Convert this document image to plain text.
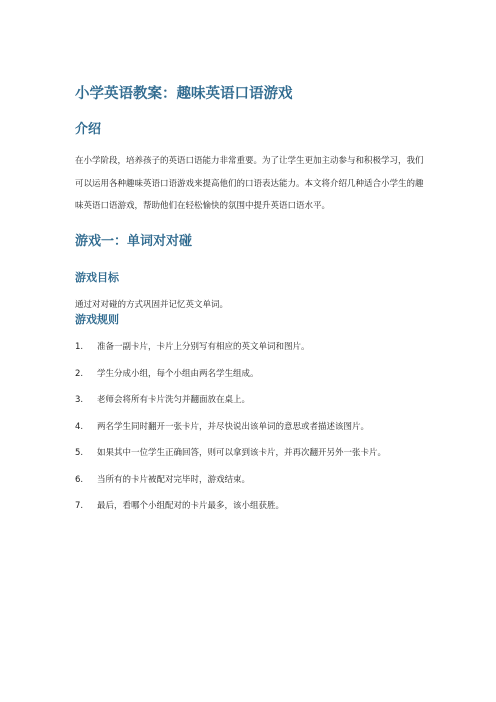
小学英语教案：趣味英语口语游戏
介绍
在小学阶段，培养孩子的英语口语能力非常重要。为了让学生更加主动参与和积极学习，我们可以运用各种趣味英语口语游戏来提高他们的口语表达能力。本文将介绍几种适合小学生的趣味英语口语游戏，帮助他们在轻松愉快的氛围中提升英语口语水平。
游戏一：单词对对碰
游戏目标
通过对对碰的方式巩固并记忆英文单词。
游戏规则
1. 准备一副卡片，卡片上分别写有相应的英文单词和图片。
2. 学生分成小组，每个小组由两名学生组成。
3. 老师会将所有卡片洗匀并翻面放在桌上。
4. 两名学生同时翻开一张卡片，并尽快说出该单词的意思或者描述该图片。
5. 如果其中一位学生正确回答，则可以拿到该卡片，并再次翻开另外一张卡片。
6. 当所有的卡片被配对完毕时，游戏结束。
7. 最后，看哪个小组配对的卡片最多，该小组获胜。
